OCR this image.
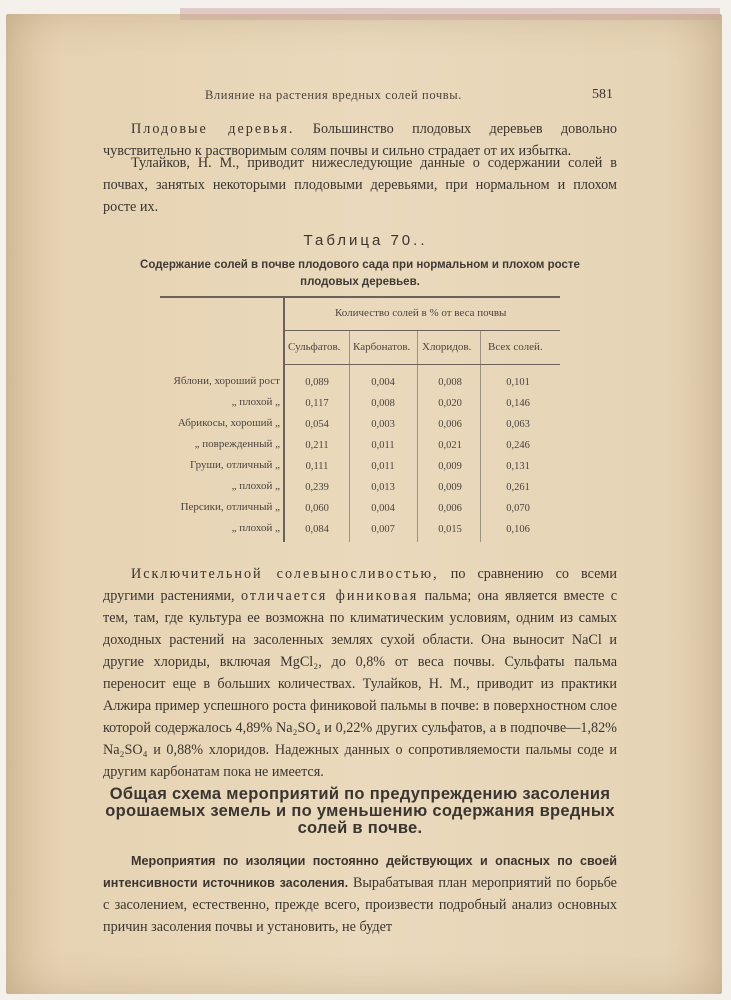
Влияние на растения вредных солей почвы.	581

Плодовые деревья. Большинство плодовых деревьев довольно чувствительно к растворимым солям почвы и сильно страдает от их избытка.

Тулайков, Н. М., приводит нижеследующие данные о содержании солей в почвах, занятых некоторыми плодовыми деревьями, при нормальном и плохом росте их.

Таблица 70..
Содержание солей в почве плодового сада при нормальном и плохом росте плодовых деревьев.
Количество солей в % от веса почвы
Сульфатов. Карбонатов. Хлоридов. Всех солей.
Яблони, хороший рост	0,089	0,004	0,008	0,101
„ плохой „	0,117	0,008	0,020	0,146
Абрикосы, хороший „	0,054	0,003	0,006	0,063
„ поврежденный „	0,211	0,011	0,021	0,246
Груши, отличный „	0,111	0,011	0,009	0,131
„ плохой „	0,239	0,013	0,009	0,261
Персики, отличный „	0,060	0,004	0,006	0,070
„ плохой „	0,084	0,007	0,015	0,106

Исключительной солевыносливостью, по сравнению со всеми другими растениями, отличается финиковая пальма; она является вместе с тем, там, где культура ее возможна по климатическим условиям, одним из самых доходных растений на засоленных землях сухой области. Она выносит NaCl и другие хлориды, включая MgCl₂, до 0,8% от веса почвы. Сульфаты пальма переносит еще в больших количествах. Тулайков, Н. М., приводит из практики Алжира пример успешного роста финиковой пальмы в почве: в поверхностном слое которой содержалось 4,89% Na₂SO₄ и 0,22% других сульфатов, а в подпочве—1,82% Na₂SO₄ и 0,88% хлоридов. Надежных данных о сопротивляемости пальмы соде и другим карбонатам пока не имеется.

Общая схема мероприятий по предупреждению засоления орошаемых земель и по уменьшению содержания вредных солей в почве.

Мероприятия по изоляции постоянно действующих и опасных по своей интенсивности источников засоления. Вырабатывая план мероприятий по борьбе с засолением, естественно, прежде всего, произвести подробный анализ основных причин засоления почвы и установить, не будет
